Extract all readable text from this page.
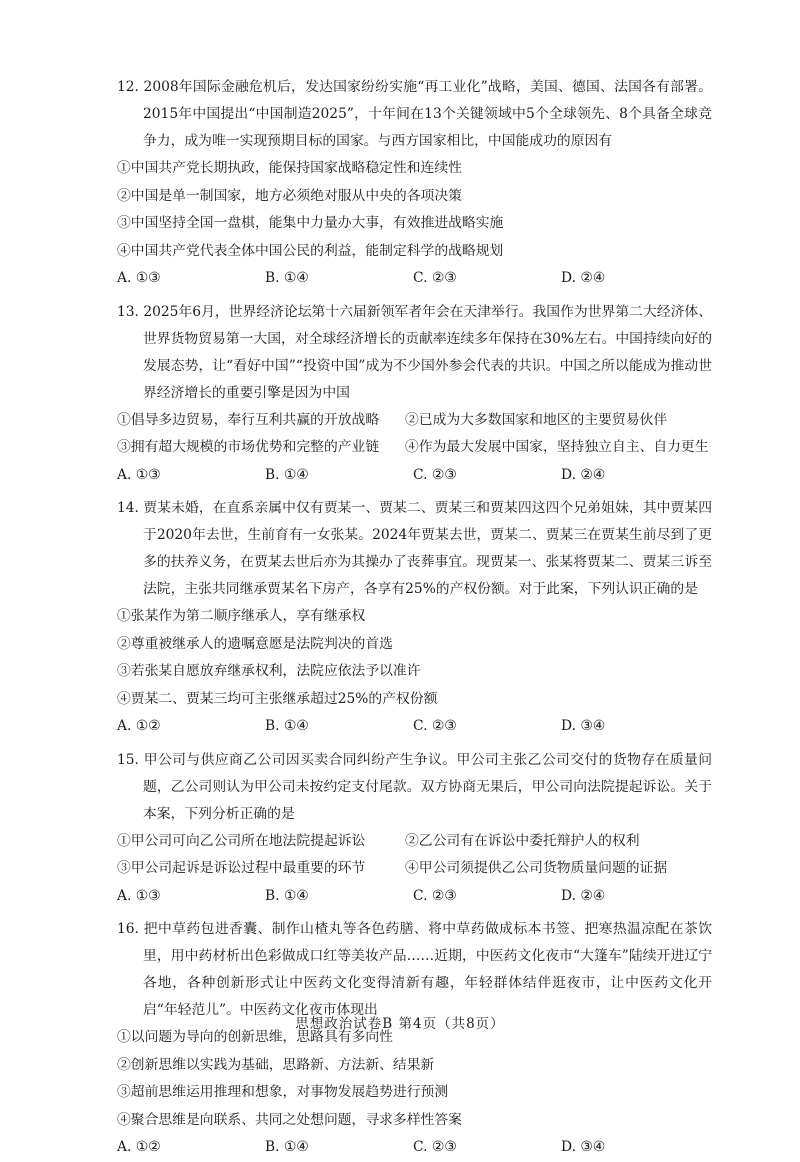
12. 2008年国际金融危机后，发达国家纷纷实施“再工业化”战略，美国、德国、法国各有部署。2015年中国提出“中国制造2025”，十年间在13个关键领域中5个全球领先、8个具备全球竞争力，成为唯一实现预期目标的国家。与西方国家相比，中国能成功的原因有

①中国共产党长期执政，能保持国家战略稳定性和连续性

②中国是单一制国家，地方必须绝对服从中央的各项决策

③中国坚持全国一盘棋，能集中力量办大事，有效推进战略实施

④中国共产党代表全体中国公民的利益，能制定科学的战略规划

A. ①③	B. ①④	C. ②③	D. ②④

13. 2025年6月，世界经济论坛第十六届新领军者年会在天津举行。我国作为世界第二大经济体、世界货物贸易第一大国，对全球经济增长的贡献率连续多年保持在30%左右。中国持续向好的发展态势，让“看好中国”“投资中国”成为不少国外参会代表的共识。中国之所以能成为推动世界经济增长的重要引擎是因为中国

①倡导多边贸易，奉行互利共赢的开放战略	②已成为大多数国家和地区的主要贸易伙伴
③拥有超大规模的市场优势和完整的产业链	④作为最大发展中国家，坚持独立自主、自力更生
A. ①③	B. ①④	C. ②③	D. ②④

14. 贾某未婚，在直系亲属中仅有贾某一、贾某二、贾某三和贾某四这四个兄弟姐妹，其中贾某四于2020年去世，生前育有一女张某。2024年贾某去世，贾某二、贾某三在贾某生前尽到了更多的扶养义务，在贾某去世后亦为其操办了丧葬事宜。现贾某一、张某将贾某二、贾某三诉至法院，主张共同继承贾某名下房产，各享有25%的产权份额。对于此案，下列认识正确的是

①张某作为第二顺序继承人，享有继承权

②尊重被继承人的遗嘱意愿是法院判决的首选

③若张某自愿放弃继承权利，法院应依法予以准许

④贾某二、贾某三均可主张继承超过25%的产权份额

A. ①②	B. ①④	C. ②③	D. ③④

15. 甲公司与供应商乙公司因买卖合同纠纷产生争议。甲公司主张乙公司交付的货物存在质量问题，乙公司则认为甲公司未按约定支付尾款。双方协商无果后，甲公司向法院提起诉讼。关于本案，下列分析正确的是

①甲公司可向乙公司所在地法院提起诉讼	②乙公司有在诉讼中委托辩护人的权利
③甲公司起诉是诉讼过程中最重要的环节	④甲公司须提供乙公司货物质量问题的证据
A. ①③	B. ①④	C. ②③	D. ②④

16. 把中草药包进香囊、制作山楂丸等各色药膳、将中草药做成标本书签、把寒热温凉配在茶饮里，用中药材析出色彩做成口红等美妆产品……近期，中医药文化夜市“大篷车”陆续开进辽宁各地，各种创新形式让中医药文化变得清新有趣，年轻群体结伴逛夜市，让中医药文化开启“年轻范儿”。中医药文化夜市体现出

①以问题为导向的创新思维，思路具有多向性

②创新思维以实践为基础，思路新、方法新、结果新

③超前思维运用推理和想象，对事物发展趋势进行预测

④聚合思维是向联系、共同之处想问题，寻求多样性答案

A. ①②	B. ①④	C. ②③	D. ③④
思想政治试卷B 第4页（共8页）
